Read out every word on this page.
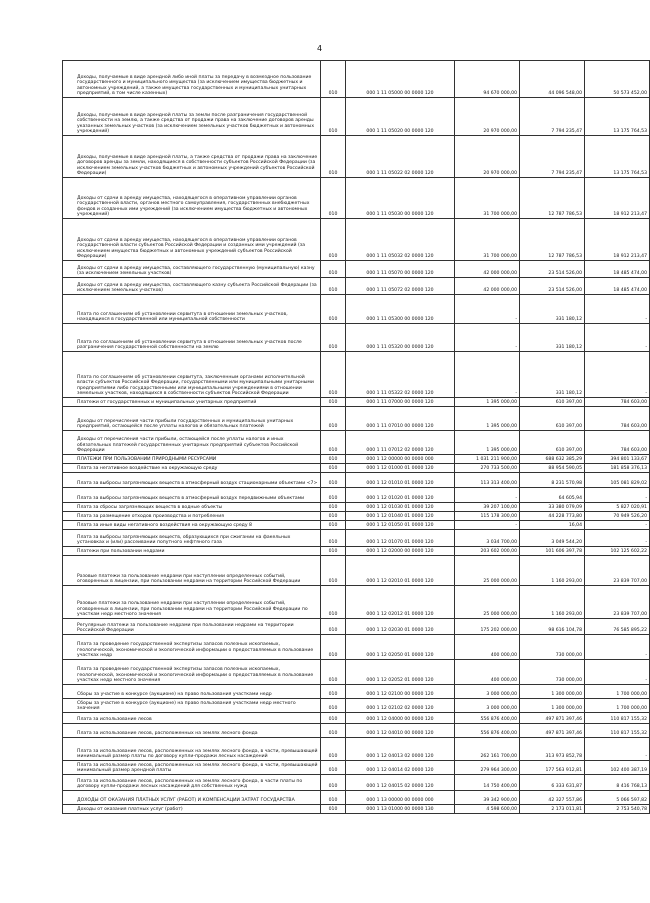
4
Доходы, получаемые в виде арендной либо иной платы за передачу в возмездное пользование государственного и муниципального имущества (за исключением имущества бюджетных и автономных учреждений, а также имущества государственных и муниципальных унитарных предприятий, в том числе казенных)	010	000 1 11 05000 00 0000 120	94 670 000,00	44 096 548,00	50 573 452,00

Доходы, получаемые в виде арендной платы за земли после разграничения государственной собственности на землю, а также средства от продажи права на заключение договоров аренды указанных земельных участков (за исключением земельных участков бюджетных и автономных учреждений)	010	000 1 11 05020 00 0000 120	20 970 000,00	7 794 235,47	13 175 764,53

Доходы, получаемые в виде арендной платы, а также средства от продажи права на заключение договоров аренды за земли, находящиеся в собственности субъектов Российской Федерации (за исключением земельных участков бюджетных и автономных учреждений субъектов Российской Федерации)	010	000 1 11 05022 02 0000 120	20 970 000,00	7 794 235,47	13 175 764,53

Доходы от сдачи в аренду имущества, находящегося в оперативном управлении органов государственной власти, органов местного самоуправления, государственных внебюджетных фондов и созданных ими учреждений (за исключением имущества бюджетных и автономных учреждений)	010	000 1 11 05030 00 0000 120	31 700 000,00	12 787 786,53	18 912 213,47

Доходы от сдачи в аренду имущества, находящегося в оперативном управлении органов государственной власти субъектов Российской Федерации и созданных ими учреждений (за исключением имущества бюджетных и автономных учреждений субъектов Российской Федерации)	010	000 1 11 05032 02 0000 120	31 700 000,00	12 787 786,53	18 912 213,47

Доходы от сдачи в аренду имущества, составляющего государственную (муниципальную) казну (за исключением земельных участков)	010	000 1 11 05070 00 0000 120	42 000 000,00	23 514 526,00	18 485 474,00

Доходы от сдачи в аренду имущества, составляющего казну субъекта Российской Федерации (за исключением земельных участков)	010	000 1 11 05072 02 0000 120	42 000 000,00	23 514 526,00	18 485 474,00

Плата по соглашениям об установлении сервитута в отношении земельных участков, находящихся в государственной или муниципальной собственности	010	000 1 11 05300 00 0000 120	-	331 180,12	-

Плата по соглашениям об установлении сервитута в отношении земельных участков после разграничения государственной собственности на землю	010	000 1 11 05320 00 0000 120	-	331 180,12	-

Плата по соглашениям об установлении сервитута, заключенным органами исполнительной власти субъектов Российской Федерации, государственными или муниципальными унитарными предприятиями либо государственными или муниципальными учреждениями в отношении земельных участков, находящихся в собственности субъектов Российской Федерации	010	000 1 11 05322 02 0000 120	-	331 180,12	-

Платежи от государственных и муниципальных унитарных предприятий	010	000 1 11 07000 00 0000 120	1 395 000,00	610 397,00	784 603,00

Доходы от перечисления части прибыли государственных и муниципальных унитарных предприятий, остающейся после уплаты налогов и обязательных платежей	010	000 1 11 07010 00 0000 120	1 395 000,00	610 397,00	784 603,00

Доходы от перечисления части прибыли, остающейся после уплаты налогов и иных обязательных платежей государственных унитарных предприятий субъектов Российской Федерации	010	000 1 11 07012 02 0000 120	1 395 000,00	610 397,00	784 603,00

ПЛАТЕЖИ ПРИ ПОЛЬЗОВАНИИ ПРИРОДНЫМИ РЕСУРСАМИ	010	000 1 12 00000 00 0000 000	1 031 211 900,00	688 632 385,29	394 801 133,67

Плата за негативное воздействие на окружающую среду	010	000 1 12 01000 01 0000 120	270 733 500,00	88 954 590,05	181 858 376,13

Плата за выбросы загрязняющих веществ в атмосферный воздух стационарными объектами <7>	010	000 1 12 01010 01 0000 120	113 313 400,00	8 231 570,98	105 081 829,02

Плата за выбросы загрязняющих веществ в атмосферный воздух передвижными объектами	010	000 1 12 01020 01 0000 120	-	64 605,94	-

Плата за сбросы загрязняющих веществ в водные объекты	010	000 1 12 01030 01 0000 120	39 207 100,00	33 380 079,09	5 827 020,91

Плата за размещение отходов производства и потребления	010	000 1 12 01040 01 0000 120	115 178 300,00	44 228 773,80	70 949 526,20

Плата за иные виды негативного воздействия на окружающую среду 8	010	000 1 12 01050 01 0000 120	-	16,04	-

Плата за выбросы загрязняющих веществ, образующихся при сжигании на факельных установках и (или) рассеивании попутного нефтяного газа	010	000 1 12 01070 01 0000 120	3 034 700,00	3 049 544,20	-

Платежи при пользовании недрами	010	000 1 12 02000 00 0000 120	203 602 000,00	101 606 397,78	102 125 602,22

Разовые платежи за пользование недрами при наступлении определенных событий, оговоренных в лицензии, при пользовании недрами на территории Российской Федерации	010	000 1 12 02010 01 0000 120	25 000 000,00	1 160 293,00	23 839 707,00

Разовые платежи за пользование недрами при наступлении определенных событий, оговоренных в лицензии, при пользовании недрами на территории Российской Федерации по участкам недр местного значения	010	000 1 12 02012 01 0000 120	25 000 000,00	1 160 293,00	23 839 707,00

Регулярные платежи за пользование недрами при пользовании недрами на территории Российской Федерации	010	000 1 12 02030 01 0000 120	175 202 000,00	98 616 104,78	76 585 895,22

Плата за проведение государственной экспертизы запасов полезных ископаемых, геологической, экономической и экологической информации о предоставляемых в пользование участках недр	010	000 1 12 02050 01 0000 120	400 000,00	730 000,00	-

Плата за проведение государственной экспертизы запасов полезных ископаемых, геологической, экономической и экологической информации о предоставляемых в пользование участках недр местного значения	010	000 1 12 02052 01 0000 120	400 000,00	730 000,00	-

Сборы за участие в конкурсе (аукционе) на право пользования участками недр	010	000 1 12 02100 00 0000 120	3 000 000,00	1 300 000,00	1 700 000,00

Сборы за участие в конкурсе (аукционе) на право пользования участками недр местного значения	010	000 1 12 02102 02 0000 120	3 000 000,00	1 300 000,00	1 700 000,00

Плата за использование лесов	010	000 1 12 04000 00 0000 120	556 876 400,00	497 871 397,46	110 817 155,32

Плата за использование лесов, расположенных на землях лесного фонда	010	000 1 12 04010 00 0000 120	556 876 400,00	497 871 397,46	110 817 155,32

Плата за использование лесов, расположенных на землях лесного фонда, в части, превышающей минимальный размер платы по договору купли-продажи лесных насаждений	010	000 1 12 04013 02 0000 120	262 161 700,00	313 973 852,78	-

Плата за использование лесов, расположенных на землях лесного фонда, в части, превышающей минимальный размер арендной платы	010	000 1 12 04014 02 0000 120	279 964 300,00	177 563 912,81	102 400 387,19

Плата за использование лесов, расположенных на землях лесного фонда, в части платы по договору купли-продажи лесных насаждений для собственных нужд	010	000 1 12 04015 02 0000 120	14 750 400,00	6 333 631,87	8 416 768,13

ДОХОДЫ ОТ ОКАЗАНИЯ ПЛАТНЫХ УСЛУГ (РАБОТ) И КОМПЕНСАЦИИ ЗАТРАТ ГОСУДАРСТВА	010	000 1 13 00000 00 0000 000	39 342 900,00	42 327 557,86	5 066 597,82

Доходы от оказания платных услуг (работ)	010	000 1 13 01000 00 0000 130	4 598 600,00	2 173 011,81	2 753 540,78
